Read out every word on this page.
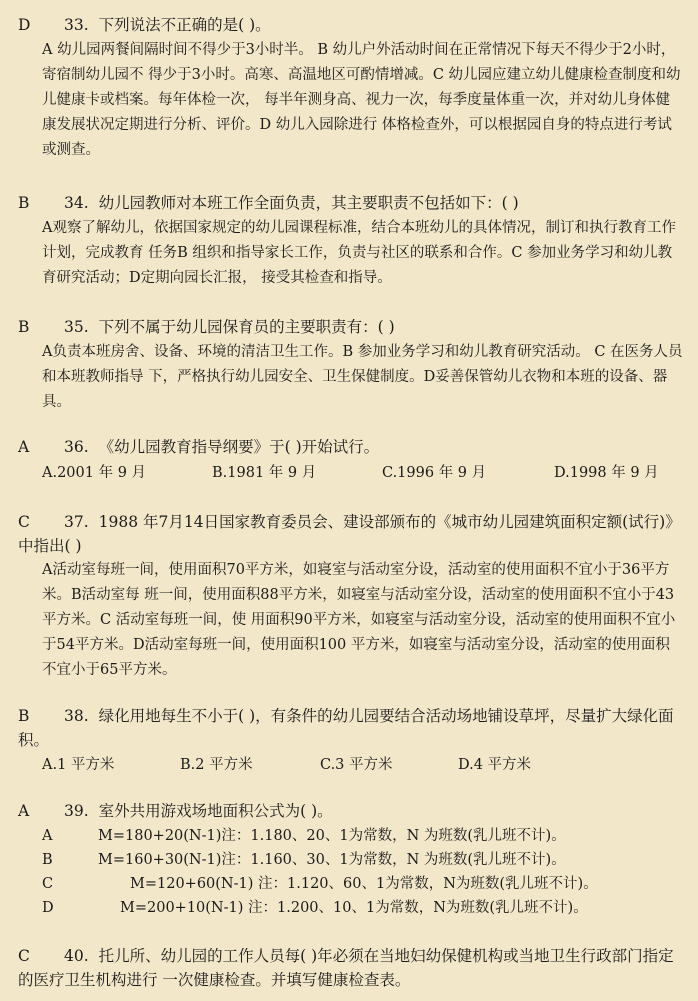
D 33. 下列说法不正确的是( )。
A 幼儿园两餐间隔时间不得少于3小时半。 B 幼儿户外活动时间在正常情况下每天不得少于2小时，寄宿制幼儿园不 得少于3小时。高寒、高温地区可酌情增减。C 幼儿园应建立幼儿健康检查制度和幼儿健康卡或档案。每年体检一次， 每半年测身高、视力一次，每季度量体重一次，并对幼儿身体健康发展状况定期进行分析、评价。D 幼儿入园除进行 体格检查外，可以根据园自身的特点进行考试或测查。
B 34. 幼儿园教师对本班工作全面负责，其主要职责不包括如下：( )
A观察了解幼儿，依据国家规定的幼儿园课程标准，结合本班幼儿的具体情况，制订和执行教育工作计划，完成教育 任务B 组织和指导家长工作，负责与社区的联系和合作。C 参加业务学习和幼儿教育研究活动；D定期向园长汇报， 接受其检查和指导。
B 35. 下列不属于幼儿园保育员的主要职责有：( )
A负责本班房舍、设备、环境的清洁卫生工作。B 参加业务学习和幼儿教育研究活动。 C 在医务人员和本班教师指导 下，严格执行幼儿园安全、卫生保健制度。D妥善保管幼儿衣物和本班的设备、器具。
A 36. 《幼儿园教育指导纲要》于( )开始试行。
A.2001 年 9 月	B.1981 年 9 月	C.1996 年 9 月	D.1998 年 9 月
C 37. 1988 年7月14日国家教育委员会、建设部颁布的《城市幼儿园建筑面积定额(试行)》中指出( )
A活动室每班一间，使用面积70平方米，如寝室与活动室分设，活动室的使用面积不宜小于36平方米。B活动室每 班一间，使用面积88平方米，如寝室与活动室分设，活动室的使用面积不宜小于43平方米。C 活动室每班一间，使 用面积90平方米，如寝室与活动室分设，活动室的使用面积不宜小于54平方米。D活动室每班一间，使用面积100 平方米，如寝室与活动室分设，活动室的使用面积不宜小于65平方米。
B 38. 绿化用地每生不小于( )，有条件的幼儿园要结合活动场地铺设草坪，尽量扩大绿化面积。
A.1 平方米	B.2 平方米	C.3 平方米	D.4 平方米
A 39. 室外共用游戏场地面积公式为( )。
A	M=180+20(N-1)注：1.180、20、1为常数，N 为班数(乳儿班不计)。
B	M=160+30(N-1)注：1.160、30、1为常数，N 为班数(乳儿班不计)。
C	M=120+60(N-1) 注：1.120、60、1为常数，N为班数(乳儿班不计)。
D	M=200+10(N-1) 注：1.200、10、1为常数，N为班数(乳儿班不计)。
C 40. 托儿所、幼儿园的工作人员每( )年必须在当地妇幼保健机构或当地卫生行政部门指定的医疗卫生机构进行 一次健康检查。并填写健康检查表。
